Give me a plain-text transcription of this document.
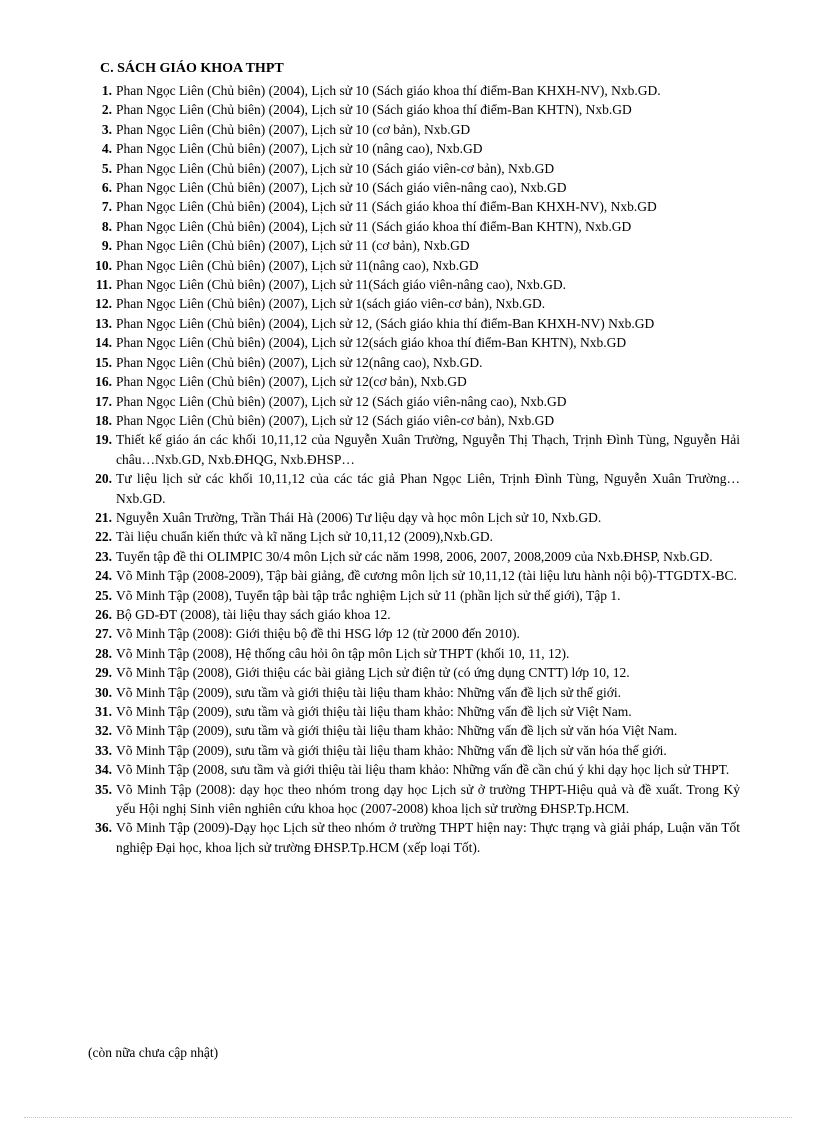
C. SÁCH GIÁO KHOA THPT
1. Phan Ngọc Liên (Chủ biên) (2004), Lịch sử 10 (Sách giáo khoa thí điểm-Ban KHXH-NV), Nxb.GD.
2. Phan Ngọc Liên (Chủ biên) (2004), Lịch sử 10 (Sách giáo khoa thí điểm-Ban KHTN), Nxb.GD
3. Phan Ngọc Liên (Chủ biên) (2007), Lịch sử 10 (cơ bản), Nxb.GD
4. Phan Ngọc Liên (Chủ biên) (2007), Lịch sử 10 (nâng cao), Nxb.GD
5. Phan Ngọc Liên (Chủ biên) (2007), Lịch sử 10 (Sách giáo viên-cơ bản), Nxb.GD
6. Phan Ngọc Liên (Chủ biên) (2007), Lịch sử 10 (Sách giáo viên-nâng cao), Nxb.GD
7. Phan Ngọc Liên (Chủ biên) (2004), Lịch sử 11 (Sách giáo khoa thí điểm-Ban KHXH-NV), Nxb.GD
8. Phan Ngọc Liên (Chủ biên) (2004), Lịch sử 11 (Sách giáo khoa thí điểm-Ban KHTN), Nxb.GD
9. Phan Ngọc Liên (Chủ biên) (2007), Lịch sử 11 (cơ bản), Nxb.GD
10. Phan Ngọc Liên (Chủ biên) (2007), Lịch sử 11(nâng cao), Nxb.GD
11. Phan Ngọc Liên (Chủ biên) (2007), Lịch sử 11(Sách giáo viên-nâng cao), Nxb.GD.
12. Phan Ngọc Liên (Chủ biên) (2007), Lịch sử 1(sách giáo viên-cơ bản), Nxb.GD.
13. Phan Ngọc Liên (Chủ biên) (2004), Lịch sử 12, (Sách giáo khia thí điểm-Ban KHXH-NV) Nxb.GD
14. Phan Ngọc Liên (Chủ biên) (2004), Lịch sử 12(sách giáo khoa thí điểm-Ban KHTN), Nxb.GD
15. Phan Ngọc Liên (Chủ biên) (2007), Lịch sử 12(nâng cao), Nxb.GD.
16. Phan Ngọc Liên (Chủ biên) (2007), Lịch sử 12(cơ bản), Nxb.GD
17. Phan Ngọc Liên (Chủ biên) (2007), Lịch sử 12 (Sách giáo viên-nâng cao), Nxb.GD
18. Phan Ngọc Liên (Chủ biên) (2007), Lịch sử 12 (Sách giáo viên-cơ bản), Nxb.GD
19. Thiết kế giáo án các khối 10,11,12 của Nguyễn Xuân Trường, Nguyễn Thị Thạch, Trịnh Đình Tùng, Nguyễn Hải châu…Nxb.GD, Nxb.ĐHQG, Nxb.ĐHSP…
20. Tư liệu lịch sử các khối 10,11,12 của các tác giả Phan Ngọc Liên, Trịnh Đình Tùng, Nguyễn Xuân Trường…Nxb.GD.
21. Nguyễn Xuân Trường, Trần Thái Hà (2006) Tư liệu dạy và học môn Lịch sử 10, Nxb.GD.
22. Tài liệu chuẩn kiến thức và kĩ năng Lịch sử 10,11,12 (2009),Nxb.GD.
23. Tuyển tập đề thi OLIMPIC 30/4 môn Lịch sử các năm 1998, 2006, 2007, 2008,2009 của Nxb.ĐHSP, Nxb.GD.
24. Võ Minh Tập (2008-2009), Tập bài giảng, đề cương môn lịch sử 10,11,12 (tài liệu lưu hành nội bộ)-TTGDTX-BC.
25. Võ Minh Tập (2008), Tuyển tập bài tập trắc nghiệm Lịch sử 11 (phần lịch sử thế giới), Tập 1.
26. Bộ GD-ĐT (2008), tài liệu thay sách giáo khoa 12.
27. Võ Minh Tập (2008): Giới thiệu bộ đề thi HSG lớp 12 (từ 2000 đến 2010).
28. Võ Minh Tập (2008), Hệ thống câu hỏi ôn tập môn Lịch sử THPT (khối 10, 11, 12).
29. Võ Minh Tập (2008), Giới thiệu các bài giảng Lịch sử điện tử (có ứng dụng CNTT) lớp 10, 12.
30. Võ Minh Tập (2009), sưu tầm và giới thiệu tài liệu tham khảo: Những vấn đề lịch sử thế giới.
31. Võ Minh Tập (2009), sưu tầm và giới thiệu tài liệu tham khảo: Những vấn đề lịch sử Việt Nam.
32. Võ Minh Tập (2009), sưu tầm và giới thiệu tài liệu tham khảo: Những vấn đề lịch sử văn hóa Việt Nam.
33. Võ Minh Tập (2009), sưu tầm và giới thiệu tài liệu tham khảo: Những vấn đề lịch sử văn hóa thế giới.
34. Võ Minh Tập (2008, sưu tầm và giới thiệu tài liệu tham khảo: Những vấn đề cần chú ý khi dạy học lịch sử THPT.
35. Võ Minh Tập (2008): dạy học theo nhóm trong dạy học Lịch sử ở trường THPT-Hiệu quả và đề xuất. Trong Kỷ yếu Hội nghị Sinh viên nghiên cứu khoa học (2007-2008) khoa lịch sử trường ĐHSP.Tp.HCM.
36. Võ Minh Tập (2009)-Dạy học Lịch sử theo nhóm ở trường THPT hiện nay: Thực trạng và giải pháp, Luận văn Tốt nghiệp Đại học, khoa lịch sử trường ĐHSP.Tp.HCM (xếp loại Tốt).

(còn nữa chưa cập nhật)
